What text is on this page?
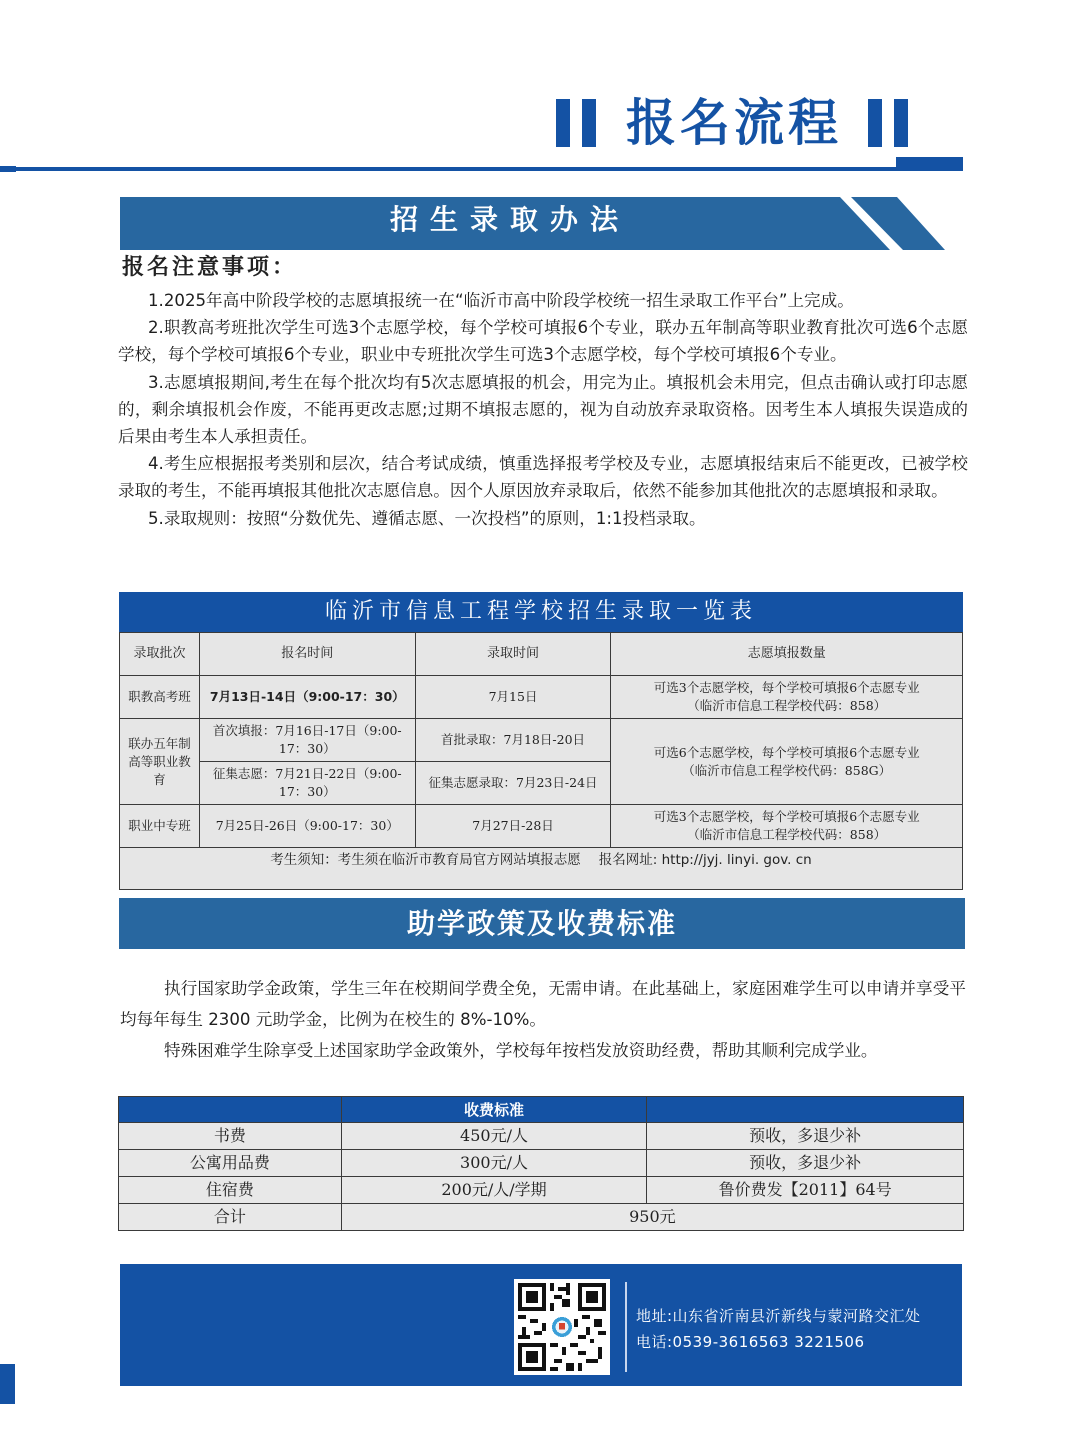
报名流程
招生录取办法
报名注意事项：

1.2025年高中阶段学校的志愿填报统一在“临沂市高中阶段学校统一招生录取工作平台”上完成。

2.职教高考班批次学生可选3个志愿学校，每个学校可填报6个专业，联办五年制高等职业教育批次可选6个志愿学校，每个学校可填报6个专业，职业中专班批次学生可选3个志愿学校，每个学校可填报6个专业。

3.志愿填报期间,考生在每个批次均有5次志愿填报的机会，用完为止。填报机会未用完，但点击确认或打印志愿的，剩余填报机会作废，不能再更改志愿;过期不填报志愿的，视为自动放弃录取资格。因考生本人填报失误造成的后果由考生本人承担责任。

4.考生应根据报考类别和层次，结合考试成绩，慎重选择报考学校及专业，志愿填报结束后不能更改，已被学校录取的考生，不能再填报其他批次志愿信息。因个人原因放弃录取后，依然不能参加其他批次的志愿填报和录取。

5.录取规则：按照“分数优先、遵循志愿、一次投档”的原则，1:1投档录取。

临沂市信息工程学校招生录取一览表
录取批次	报名时间	录取时间	志愿填报数量
职教高考班	7月13日-14日（9:00-17：30）	7月15日	可选3个志愿学校，每个学校可填报6个志愿专业
（临沂市信息工程学校代码：858）

联办五年制高等职业教育	首次填报：7月16日-17日（9:00-17：30）	首批录取：7月18日-20日	可选6个志愿学校，每个学校可填报6个志愿专业
（临沂市信息工程学校代码：858G）

	征集志愿：7月21日-22日（9:00-17：30）	征集志愿录取：7月23日-24日	
职业中专班	7月25日-26日（9:00-17：30）	7月27日-28日	可选3个志愿学校，每个学校可填报6个志愿专业
（临沂市信息工程学校代码：858）

考生须知：考生须在临沂市教育局官方网站填报志愿 报名网址: http://jyj. linyi. gov. cn			
助学政策及收费标准

执行国家助学金政策，学生三年在校期间学费全免，无需申请。在此基础上，家庭困难学生可以申请并享受平均每年每生 2300 元助学金，比例为在校生的 8%-10%。

特殊困难学生除享受上述国家助学金政策外，学校每年按档发放资助经费，帮助其顺利完成学业。

	收费标准	
书费	450元/人	预收，多退少补
公寓用品费	300元/人	预收，多退少补
住宿费	200元/人/学期	鲁价费发【2011】64号
合计	950元	
地址:山东省沂南县沂新线与蒙河路交汇处
电话:0539-3616563 3221506
